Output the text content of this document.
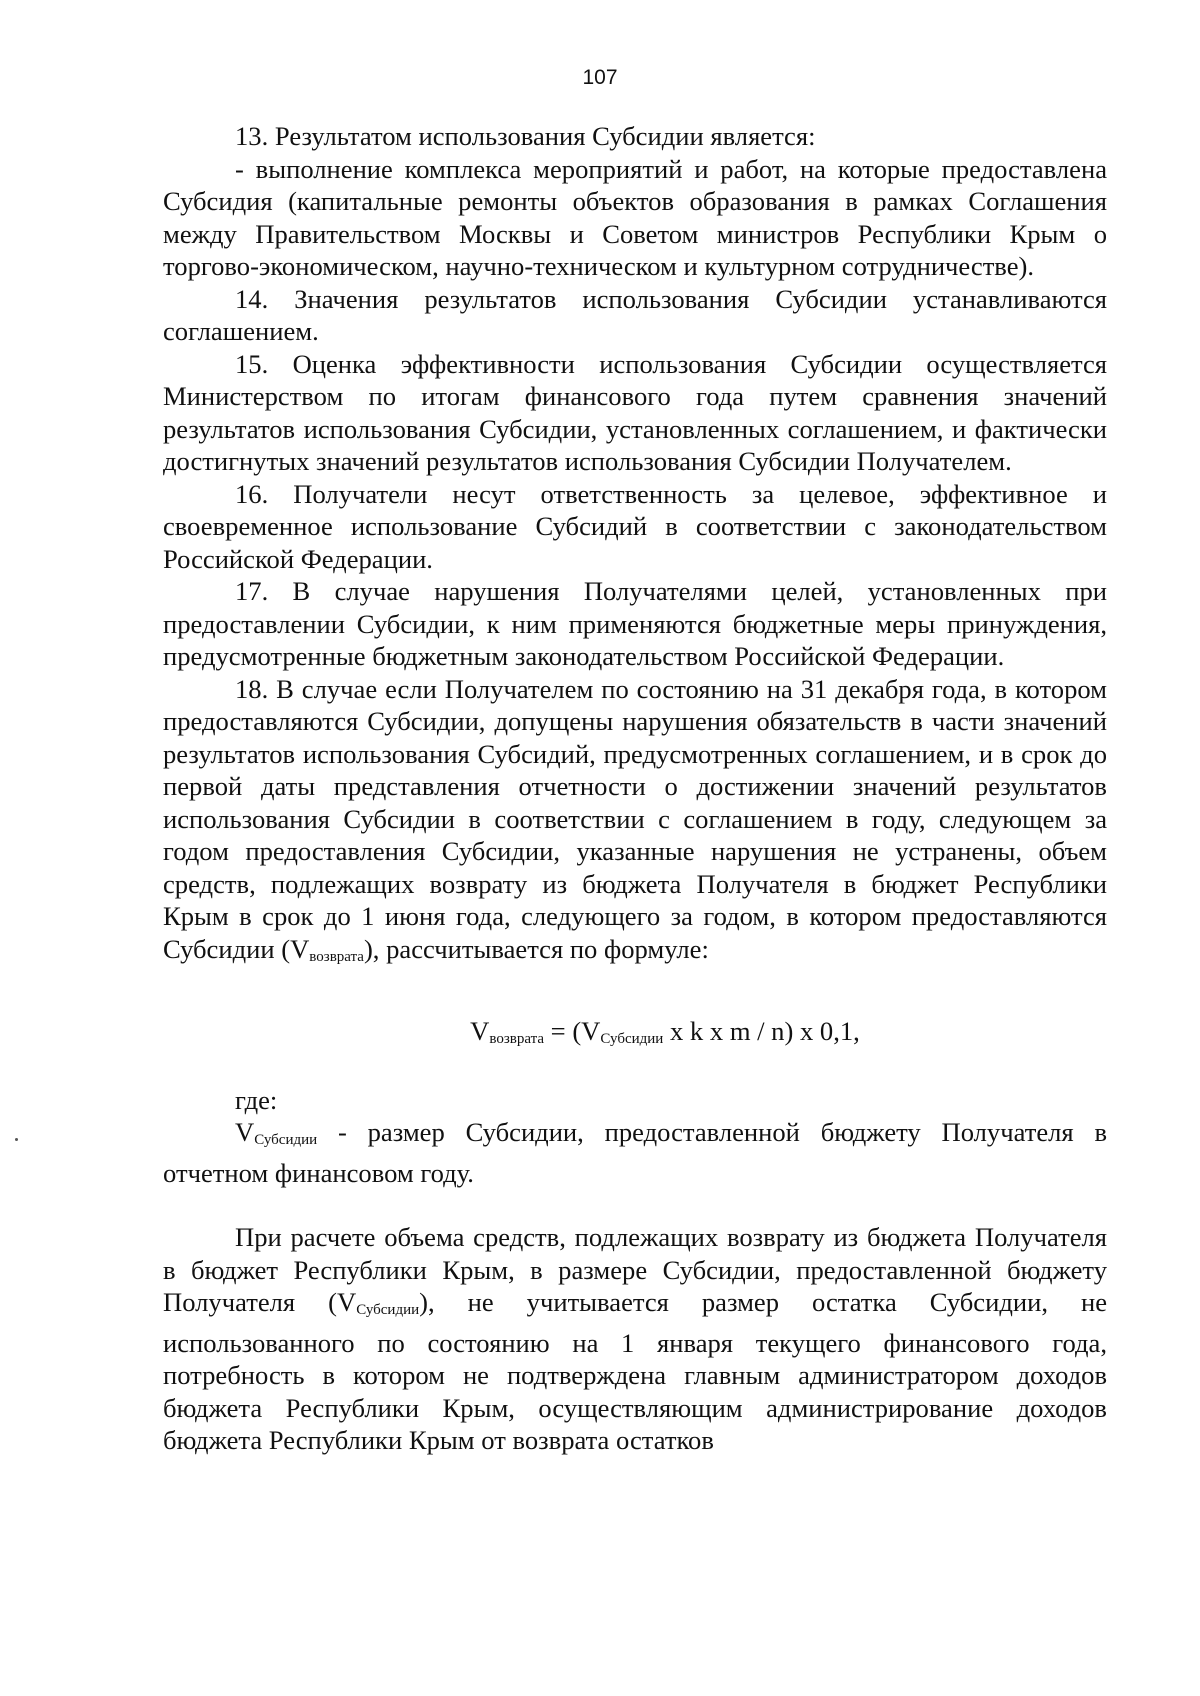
107

13. Результатом использования Субсидии является:

- выполнение комплекса мероприятий и работ, на которые предоставлена Субсидия (капитальные ремонты объектов образования в рамках Соглашения между Правительством Москвы и Советом министров Республики Крым о торгово-экономическом, научно-техническом и культурном сотрудничестве).

14. Значения результатов использования Субсидии устанавливаются соглашением.

15. Оценка эффективности использования Субсидии осуществляется Министерством по итогам финансового года путем сравнения значений результатов использования Субсидии, установленных соглашением, и фактически достигнутых значений результатов использования Субсидии Получателем.

16. Получатели несут ответственность за целевое, эффективное и своевременное использование Субсидий в соответствии с законодательством Российской Федерации.

17. В случае нарушения Получателями целей, установленных при предоставлении Субсидии, к ним применяются бюджетные меры принуждения, предусмотренные бюджетным законодательством Российской Федерации.

18. В случае если Получателем по состоянию на 31 декабря года, в котором предоставляются Субсидии, допущены нарушения обязательств в части значений результатов использования Субсидий, предусмотренных соглашением, и в срок до первой даты представления отчетности о достижении значений результатов использования Субсидии в соответствии с соглашением в году, следующем за годом предоставления Субсидии, указанные нарушения не устранены, объем средств, подлежащих возврату из бюджета Получателя в бюджет Республики Крым в срок до 1 июня года, следующего за годом, в котором предоставляются Субсидии $(V_{возврата})$, рассчитывается по формуле:

$V_{возврата} = (V_{Субсидии}$ x k x m / n) x 0,1,

где:

$V_{Субсидии}$ - размер Субсидии, предоставленной бюджету Получателя в отчетном финансовом году.

При расчете объема средств, подлежащих возврату из бюджета Получателя в бюджет Республики Крым, в размере Субсидии, предоставленной бюджету Получателя $(V_{Субсидии})$, не учитывается размер остатка Субсидии, не использованного по состоянию на 1 января текущего финансового года, потребность в котором не подтверждена главным администратором доходов бюджета Республики Крым, осуществляющим администрирование доходов бюджета Республики Крым от возврата остатков
